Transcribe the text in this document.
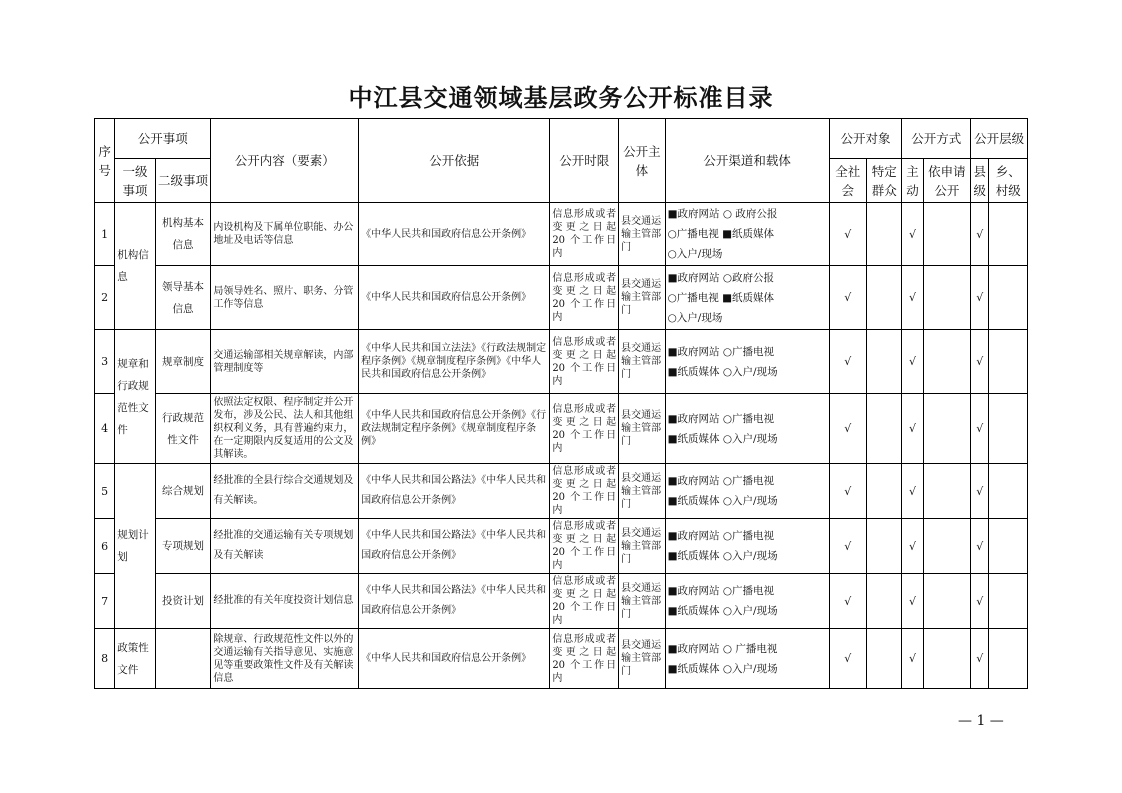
中江县交通领域基层政务公开标准目录
序号	公开事项		公开内容（要素）	公开依据	公开时限	公开主体	公开渠道和载体	公开对象		公开方式		公开层级	
	一级事项	二级事项						全社会	特定群众	主动	依申请公开	县级	乡、村级
1	机构信息	机构基本信息	内设机构及下属单位职能、办公地址及电话等信息	《中华人民共和国政府信息公开条例》	信息形成或者变更之日起 20 个工作日内	县交通运输主管部门	■政府网站 ○ 政府公报
○广播电视 ■纸质媒体
○入户/现场	√		√		√	
2		领导基本信息	局领导姓名、照片、职务、分管工作等信息	《中华人民共和国政府信息公开条例》	信息形成或者变更之日起 20 个工作日内	县交通运输主管部门	■政府网站 ○政府公报
○广播电视 ■纸质媒体
○入户/现场	√		√		√	
3	规章和行政规范性文件	规章制度	交通运输部相关规章解读，内部管理制度等	《中华人民共和国立法法》《行政法规制定程序条例》《规章制度程序条例》《中华人民共和国政府信息公开条例》	信息形成或者变更之日起 20 个工作日内	县交通运输主管部门	■政府网站 ○广播电视
■纸质媒体 ○入户/现场	√		√		√	
4		行政规范性文件	依照法定权限、程序制定并公开发布，涉及公民、法人和其他组织权利义务，具有普遍约束力，在一定期限内反复适用的公文及其解读。	《中华人民共和国政府信息公开条例》《行政法规制定程序条例》《规章制度程序条例》	信息形成或者变更之日起 20 个工作日内	县交通运输主管部门	■政府网站 ○广播电视
■纸质媒体 ○入户/现场	√		√		√	
5	规划计划	综合规划	经批准的全县行综合交通规划及有关解读。	《中华人民共和国公路法》《中华人民共和国政府信息公开条例》	信息形成或者变更之日起 20 个工作日内	县交通运输主管部门	■政府网站 ○广播电视
■纸质媒体 ○入户/现场	√		√		√	
6		专项规划	经批准的交通运输有关专项规划及有关解读	《中华人民共和国公路法》《中华人民共和国政府信息公开条例》	信息形成或者变更之日起 20 个工作日内	县交通运输主管部门	■政府网站 ○广播电视
■纸质媒体 ○入户/现场	√		√		√	
7		投资计划	经批准的有关年度投资计划信息	《中华人民共和国公路法》《中华人民共和国政府信息公开条例》	信息形成或者变更之日起 20 个工作日内	县交通运输主管部门	■政府网站 ○广播电视
■纸质媒体 ○入户/现场	√		√		√	
8	政策性文件		除规章、行政规范性文件以外的交通运输有关指导意见、实施意见等重要政策性文件及有关解读信息	《中华人民共和国政府信息公开条例》	信息形成或者变更之日起 20 个工作日内	县交通运输主管部门	■政府网站 ○ 广播电视
■纸质媒体 ○入户/现场	√		√		√	
— 1 —
